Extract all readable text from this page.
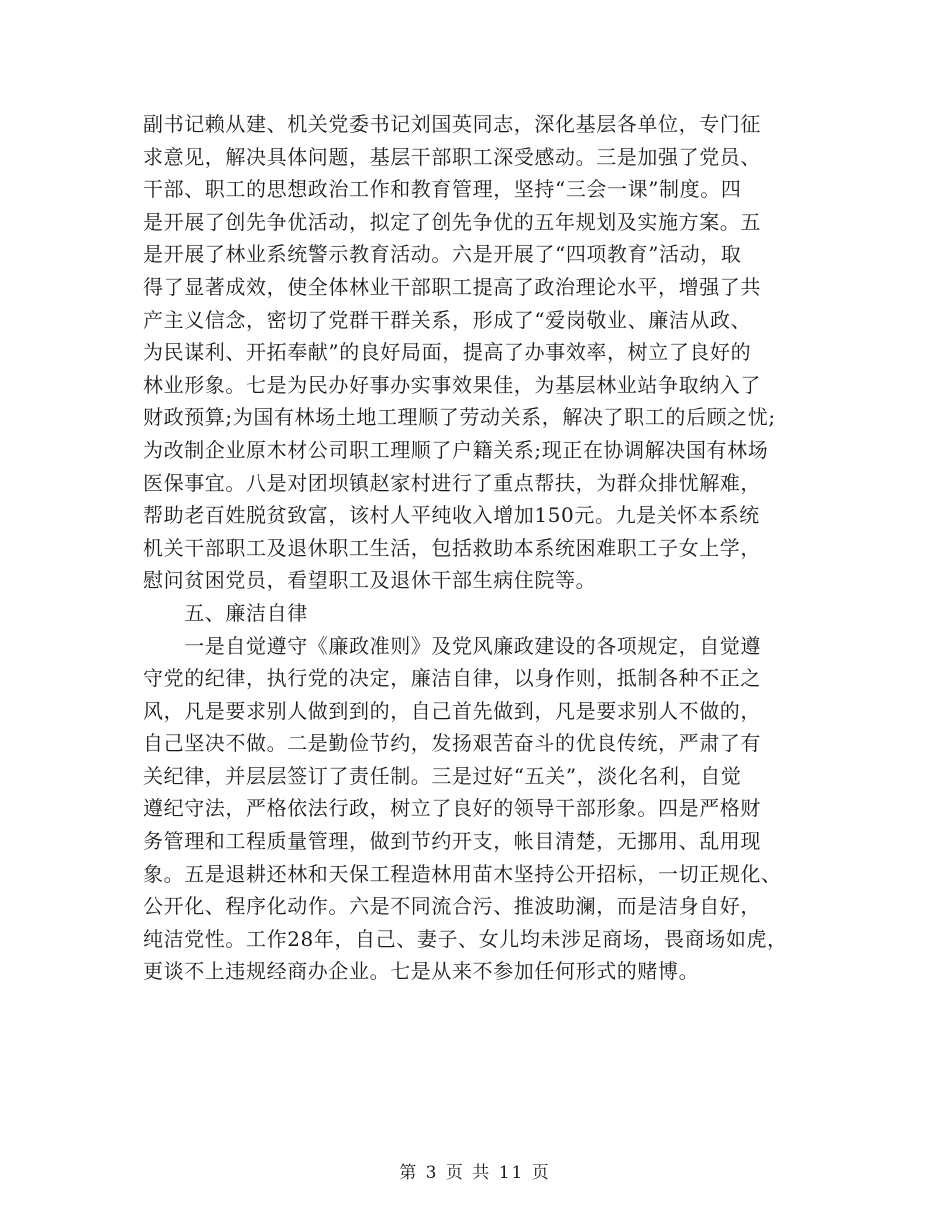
副书记赖从建、机关党委书记刘国英同志，深化基层各单位，专门征
求意见，解决具体问题，基层干部职工深受感动。三是加强了党员、
干部、职工的思想政治工作和教育管理，坚持“三会一课”制度。四
是开展了创先争优活动，拟定了创先争优的五年规划及实施方案。五
是开展了林业系统警示教育活动。六是开展了“四项教育”活动，取
得了显著成效，使全体林业干部职工提高了政治理论水平，增强了共
产主义信念，密切了党群干群关系，形成了“爱岗敬业、廉洁从政、
为民谋利、开拓奉献”的良好局面，提高了办事效率，树立了良好的
林业形象。七是为民办好事办实事效果佳，为基层林业站争取纳入了
财政预算;为国有林场土地工理顺了劳动关系，解决了职工的后顾之忧;
为改制企业原木材公司职工理顺了户籍关系;现正在协调解决国有林场
医保事宜。八是对团坝镇赵家村进行了重点帮扶，为群众排忧解难，
帮助老百姓脱贫致富，该村人平纯收入增加150元。九是关怀本系统
机关干部职工及退休职工生活，包括救助本系统困难职工子女上学，
慰问贫困党员，看望职工及退休干部生病住院等。
　　五、廉洁自律
　　一是自觉遵守《廉政准则》及党风廉政建设的各项规定，自觉遵
守党的纪律，执行党的决定，廉洁自律，以身作则，抵制各种不正之
风，凡是要求别人做到到的，自己首先做到，凡是要求别人不做的，
自己坚决不做。二是勤俭节约，发扬艰苦奋斗的优良传统，严肃了有
关纪律，并层层签订了责任制。三是过好“五关”，淡化名利，自觉
遵纪守法，严格依法行政，树立了良好的领导干部形象。四是严格财
务管理和工程质量管理，做到节约开支，帐目清楚，无挪用、乱用现
象。五是退耕还林和天保工程造林用苗木坚持公开招标，一切正规化、
公开化、程序化动作。六是不同流合污、推波助澜，而是洁身自好，
纯洁党性。工作28年，自己、妻子、女儿均未涉足商场，畏商场如虎，
更谈不上违规经商办企业。七是从来不参加任何形式的赌博。
第 3 页 共 11 页
